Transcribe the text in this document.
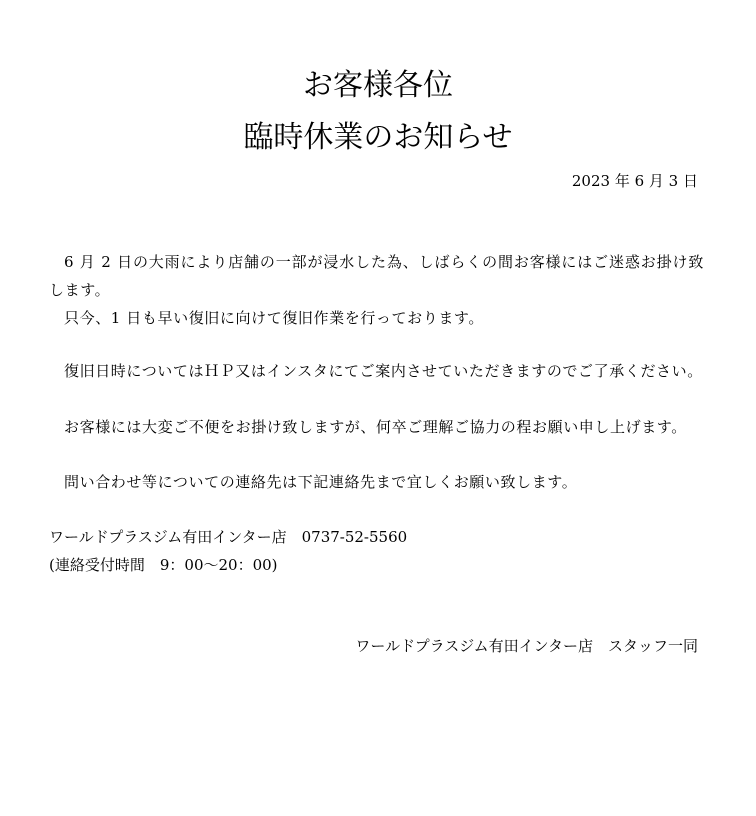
お客様各位
臨時休業のお知らせ
2023 年 6 月 3 日

6 月 2 日の大雨により店舗の一部が浸水した為、しばらくの間お客様にはご迷惑お掛け致します。

只今、1 日も早い復旧に向けて復旧作業を行っております。

復旧日時についてはＨＰ又はインスタにてご案内させていただきますのでご了承ください。

お客様には大変ご不便をお掛け致しますが、何卒ご理解ご協力の程お願い申し上げます。

問い合わせ等についての連絡先は下記連絡先まで宜しくお願い致します。

ワールドプラスジム有田インター店　0737-52-5560
(連絡受付時間　9：00〜20：00)
ワールドプラスジム有田インター店　スタッフ一同
